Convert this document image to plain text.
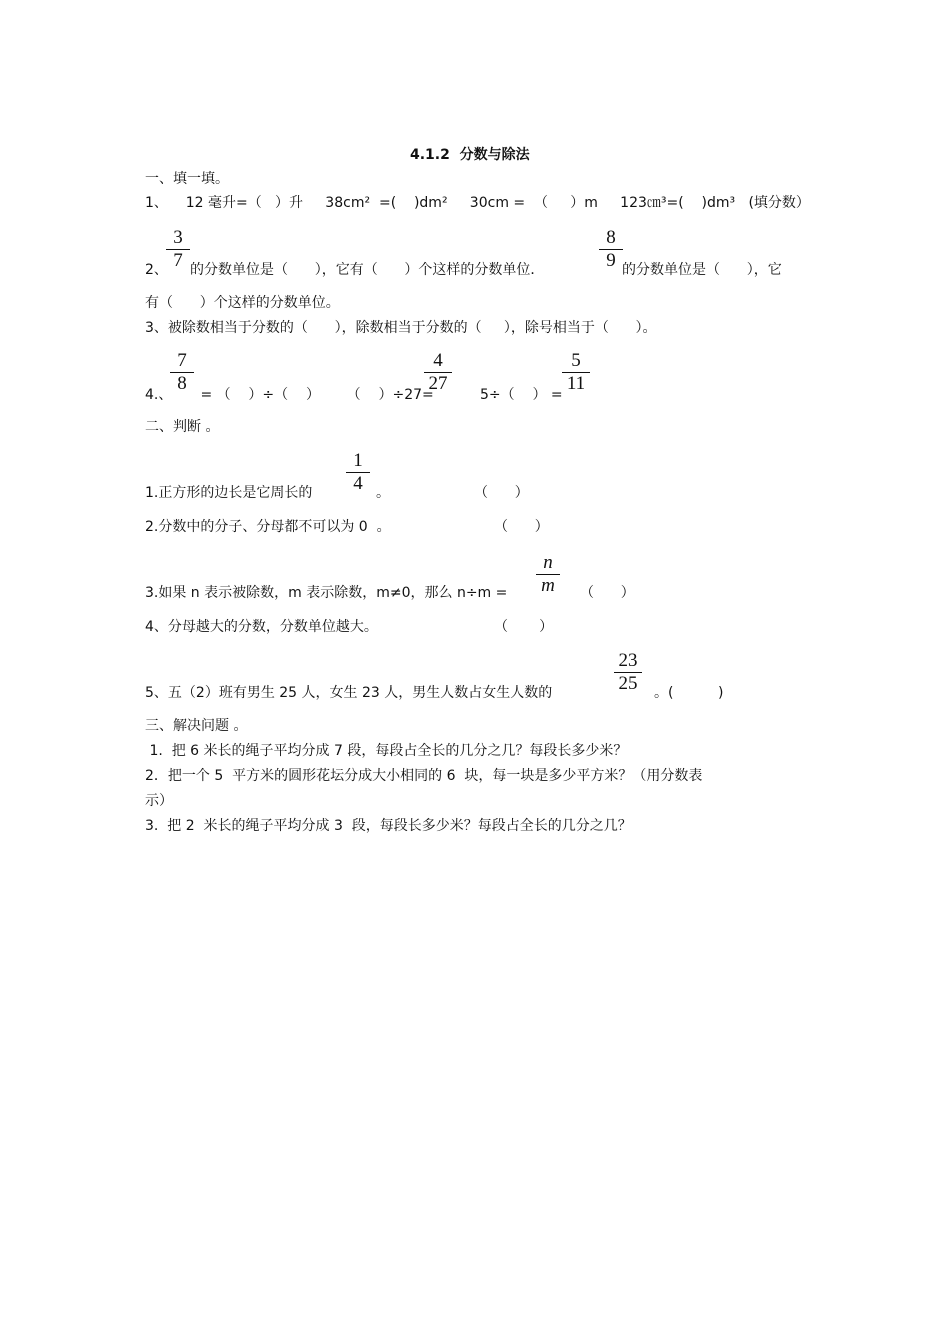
4.1.2  分数与除法
一、填一填。
1、    12 毫升=（   ）升     38cm²  =(    )dm²     30cm =  （     ）m     123㎝³=(    )dm³   (填分数）
2、
3
7 的分数单位是（      ），它有（      ）个这样的分数单位．
8
9 的分数单位是（      ），它
有（      ）个这样的分数单位。
3、被除数相当于分数的（      ），除数相当于分数的（     ），除号相当于（      ）。
4.、
7
8
= （    ）÷（    ）      （    ）÷27=
4
27
5÷（    ） =
5
11
二、判断 。
1.正方形的边长是它周长的
1
4 。	（      ）
2.分数中的分子、分母都不可以为 0  。	（      ）
3.如果 n 表示被除数，m 表示除数，m≠0，那么 n÷m =
n
m	（      ）
4、分母越大的分数，分数单位越大。	（       ）
5、五（2）班有男生 25 人，女生 23 人，男生人数占女生人数的
23
25	。(          )
三、解决问题 。
1.  把 6 米长的绳子平均分成 7 段，每段占全长的几分之几？每段长多少米？
2．把一个 5  平方米的圆形花坛分成大小相同的 6  块，每一块是多少平方米？（用分数表
示）
3.  把 2  米长的绳子平均分成 3  段，每段长多少米？每段占全长的几分之几？
